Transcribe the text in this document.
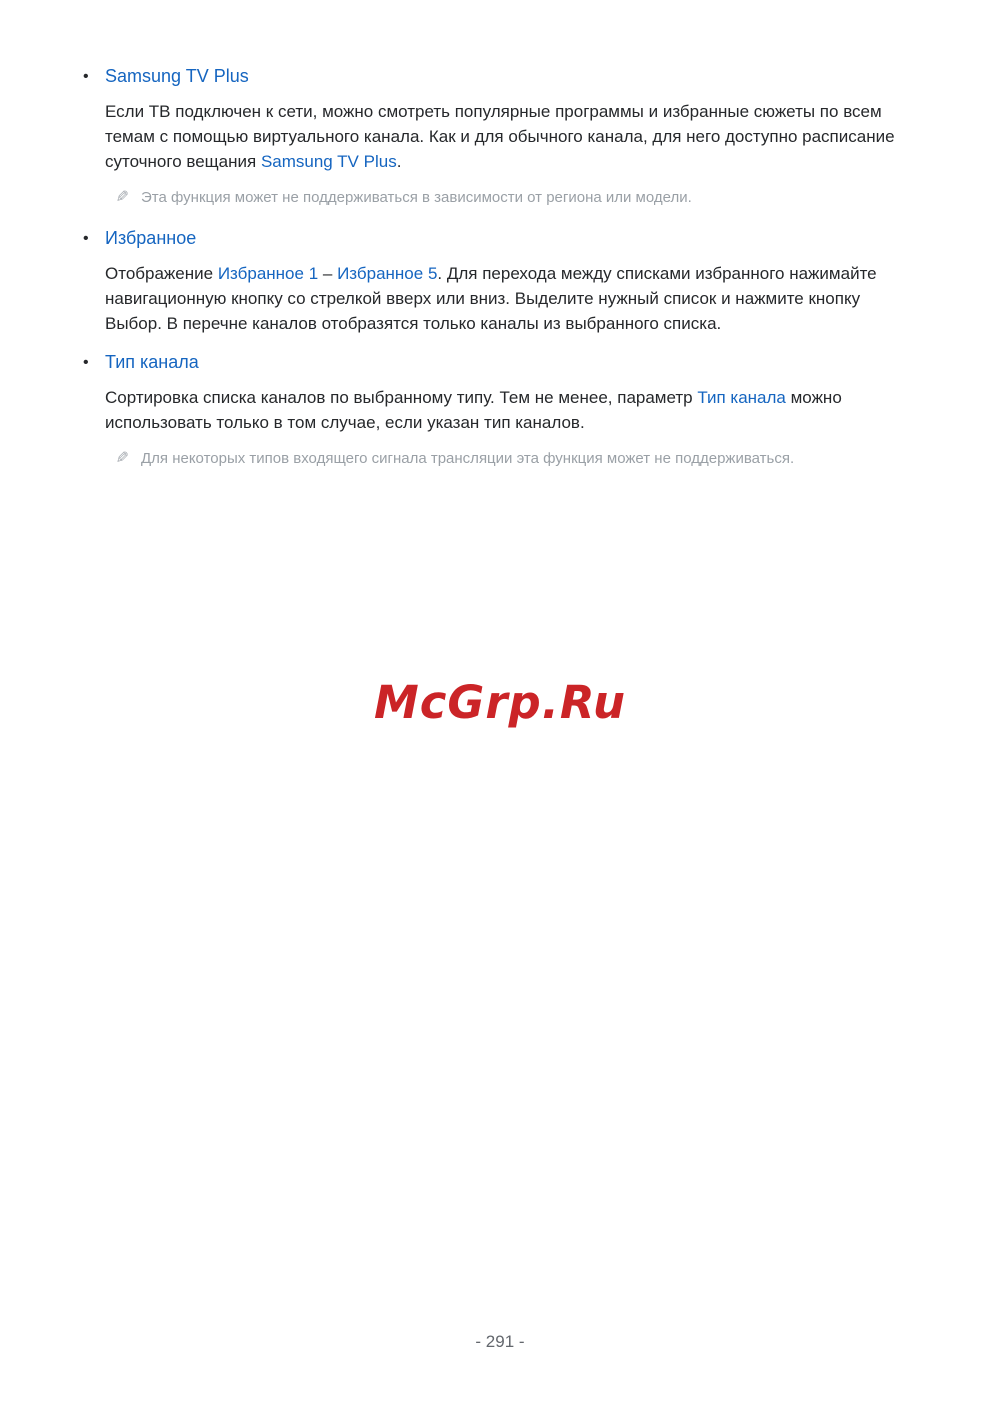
• Samsung TV Plus

Если ТВ подключен к сети, можно смотреть популярные программы и избранные сюжеты по всем темам с помощью виртуального канала. Как и для обычного канала, для него доступно расписание суточного вещания Samsung TV Plus.

✎ Эта функция может не поддерживаться в зависимости от региона или модели.
• Избранное

Отображение Избранное 1 – Избранное 5. Для перехода между списками избранного нажимайте навигационную кнопку со стрелкой вверх или вниз. Выделите нужный список и нажмите кнопку Выбор. В перечне каналов отобразятся только каналы из выбранного списка.

• Тип канала

Сортировка списка каналов по выбранному типу. Тем не менее, параметр Тип канала можно использовать только в том случае, если указан тип каналов.

✎ Для некоторых типов входящего сигнала трансляции эта функция может не поддерживаться.
McGrp.Ru
- 291 -
